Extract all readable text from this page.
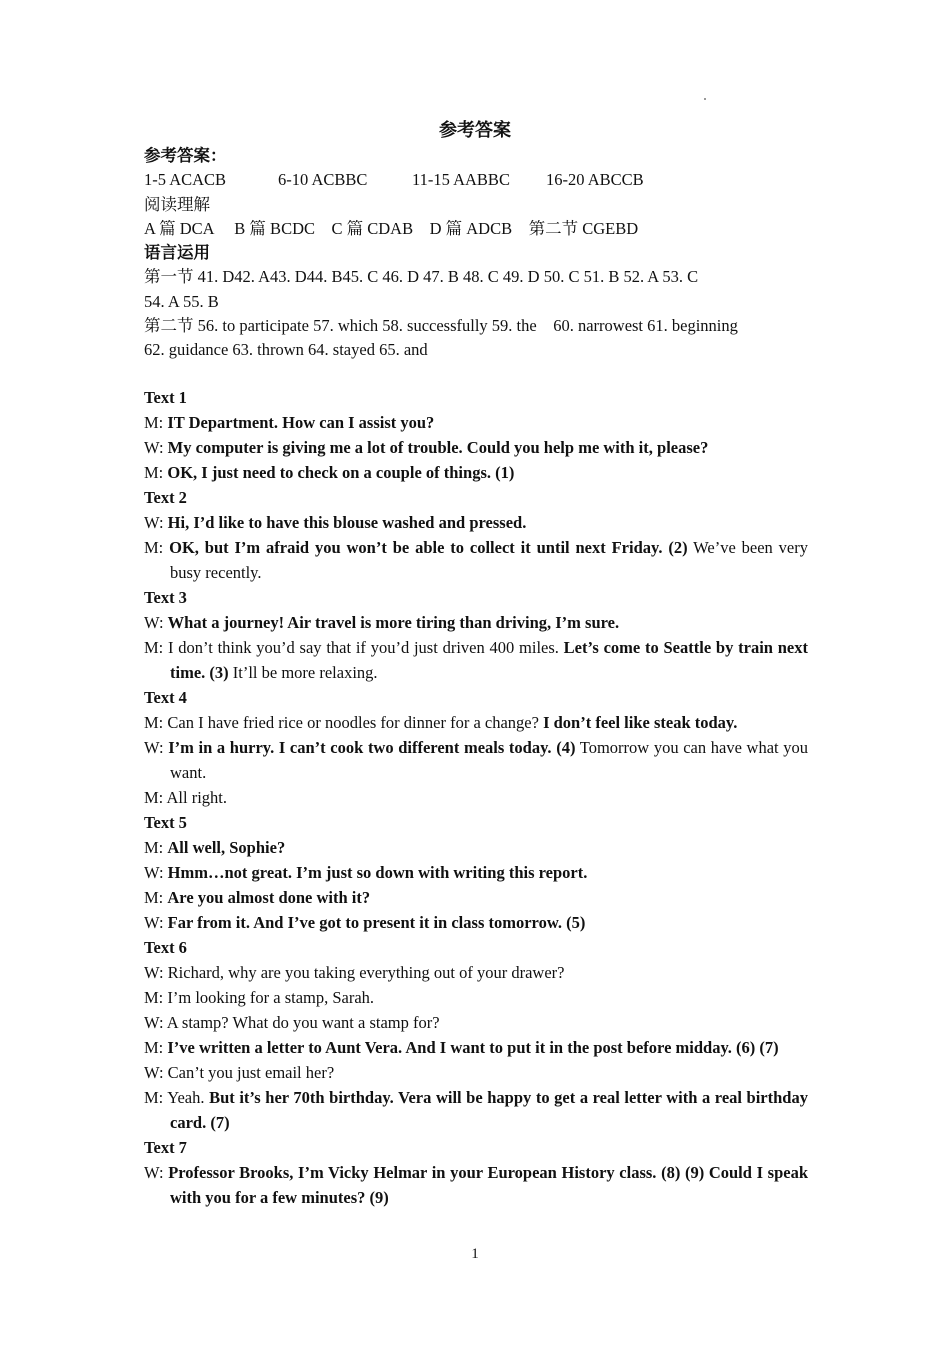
参考答案
参考答案：
1-5 ACACB	6-10 ACBBC	11-15 AABBC 16-20 ABCCB
阅读理解
A 篇 DCA　 B 篇 BCDC　C 篇 CDAB　D 篇 ADCB　第二节 CGEBD
语言运用
第一节 41. D42. A43. D44. B45. C 46. D 47. B 48. C 49. D 50. C 51. B 52. A 53. C
54. A 55. B
第二节 56. to participate 57. which 58. successfully 59. the　60. narrowest 61. beginning
62. guidance 63. thrown 64. stayed 65. and
Text 1
M: IT Department. How can I assist you?
W: My computer is giving me a lot of trouble. Could you help me with it, please?
M: OK, I just need to check on a couple of things. (1)
Text 2
W: Hi, I’d like to have this blouse washed and pressed.
M: OK, but I’m afraid you won’t be able to collect it until next Friday. (2) We’ve been very busy recently.
Text 3
W: What a journey! Air travel is more tiring than driving, I’m sure.
M: I don’t think you’d say that if you’d just driven 400 miles. Let’s come to Seattle by train next time. (3) It’ll be more relaxing.
Text 4
M: Can I have fried rice or noodles for dinner for a change? I don’t feel like steak today.
W: I’m in a hurry. I can’t cook two different meals today. (4) Tomorrow you can have what you want.
M: All right.
Text 5
M: All well, Sophie?
W: Hmm…not great. I’m just so down with writing this report.
M: Are you almost done with it?
W: Far from it. And I’ve got to present it in class tomorrow. (5)
Text 6
W: Richard, why are you taking everything out of your drawer?
M: I’m looking for a stamp, Sarah.
W: A stamp? What do you want a stamp for?
M: I’ve written a letter to Aunt Vera. And I want to put it in the post before midday. (6) (7)
W: Can’t you just email her?
M: Yeah. But it’s her 70th birthday. Vera will be happy to get a real letter with a real birthday card. (7)
Text 7
W: Professor Brooks, I’m Vicky Helmar in your European History class. (8) (9) Could I speak with you for a few minutes? (9)
1
